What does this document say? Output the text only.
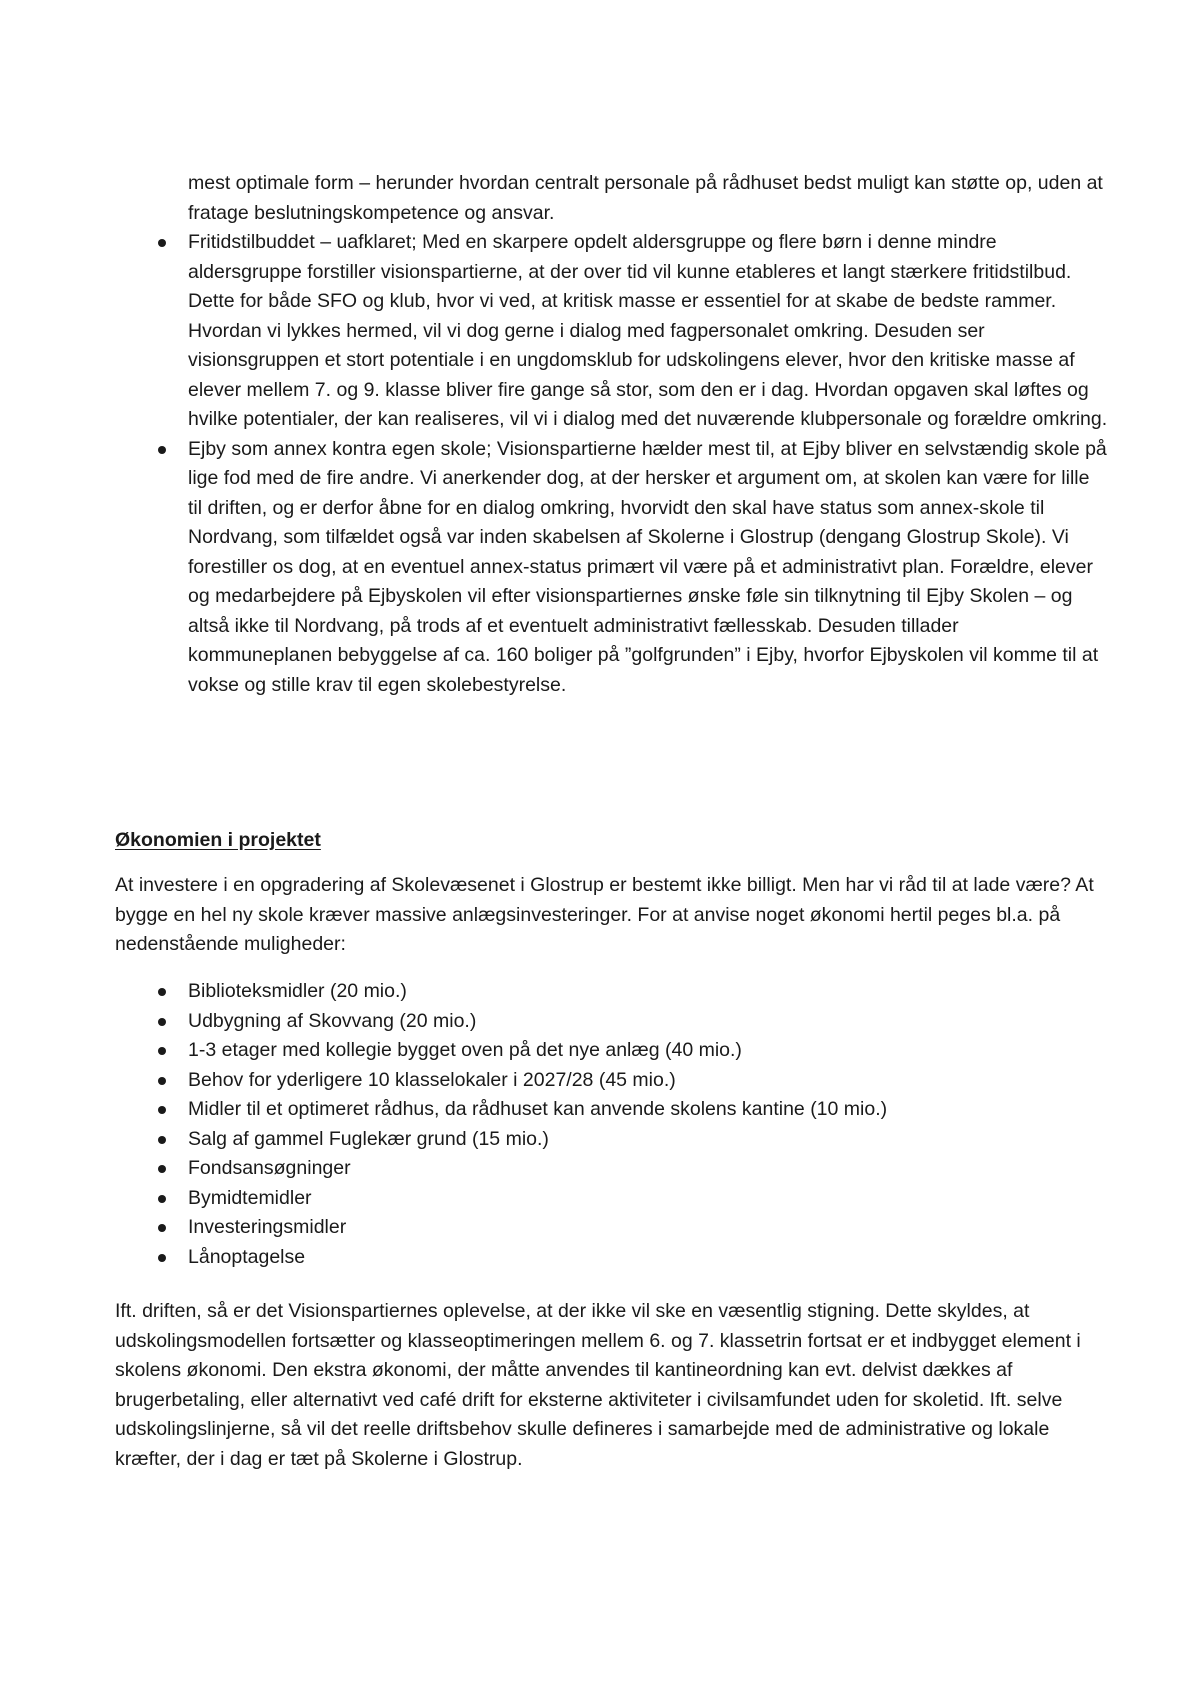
mest optimale form – herunder hvordan centralt personale på rådhuset bedst muligt kan støtte op, uden at fratage beslutningskompetence og ansvar.
Fritidstilbuddet – uafklaret; Med en skarpere opdelt aldersgruppe og flere børn i denne mindre aldersgruppe forstiller visionspartierne, at der over tid vil kunne etableres et langt stærkere fritidstilbud. Dette for både SFO og klub, hvor vi ved, at kritisk masse er essentiel for at skabe de bedste rammer. Hvordan vi lykkes hermed, vil vi dog gerne i dialog med fagpersonalet omkring. Desuden ser visionsgruppen et stort potentiale i en ungdomsklub for udskolingens elever, hvor den kritiske masse af elever mellem 7. og 9. klasse bliver fire gange så stor, som den er i dag. Hvordan opgaven skal løftes og hvilke potentialer, der kan realiseres, vil vi i dialog med det nuværende klubpersonale og forældre omkring.
Ejby som annex kontra egen skole; Visionspartierne hælder mest til, at Ejby bliver en selvstændig skole på lige fod med de fire andre. Vi anerkender dog, at der hersker et argument om, at skolen kan være for lille til driften, og er derfor åbne for en dialog omkring, hvorvidt den skal have status som annex-skole til Nordvang, som tilfældet også var inden skabelsen af Skolerne i Glostrup (dengang Glostrup Skole). Vi forestiller os dog, at en eventuel annex-status primært vil være på et administrativt plan. Forældre, elever og medarbejdere på Ejbyskolen vil efter visionspartiernes ønske føle sin tilknytning til Ejby Skolen – og altså ikke til Nordvang, på trods af et eventuelt administrativt fællesskab. Desuden tillader kommuneplanen bebyggelse af ca. 160 boliger på ”golfgrunden” i Ejby, hvorfor Ejbyskolen vil komme til at vokse og stille krav til egen skolebestyrelse.
Økonomien i projektet

At investere i en opgradering af Skolevæsenet i Glostrup er bestemt ikke billigt. Men har vi råd til at lade være? At bygge en hel ny skole kræver massive anlægsinvesteringer. For at anvise noget økonomi hertil peges bl.a. på nedenstående muligheder:

Biblioteksmidler (20 mio.)
Udbygning af Skovvang (20 mio.)
1-3 etager med kollegie bygget oven på det nye anlæg (40 mio.)
Behov for yderligere 10 klasselokaler i 2027/28 (45 mio.)
Midler til et optimeret rådhus, da rådhuset kan anvende skolens kantine (10 mio.)
Salg af gammel Fuglekær grund (15 mio.)
Fondsansøgninger
Bymidtemidler
Investeringsmidler
Lånoptagelse

Ift. driften, så er det Visionspartiernes oplevelse, at der ikke vil ske en væsentlig stigning. Dette skyldes, at udskolingsmodellen fortsætter og klasseoptimeringen mellem 6. og 7. klassetrin fortsat er et indbygget element i skolens økonomi. Den ekstra økonomi, der måtte anvendes til kantineordning kan evt. delvist dækkes af brugerbetaling, eller alternativt ved café drift for eksterne aktiviteter i civilsamfundet uden for skoletid. Ift. selve udskolingslinjerne, så vil det reelle driftsbehov skulle defineres i samarbejde med de administrative og lokale kræfter, der i dag er tæt på Skolerne i Glostrup.
